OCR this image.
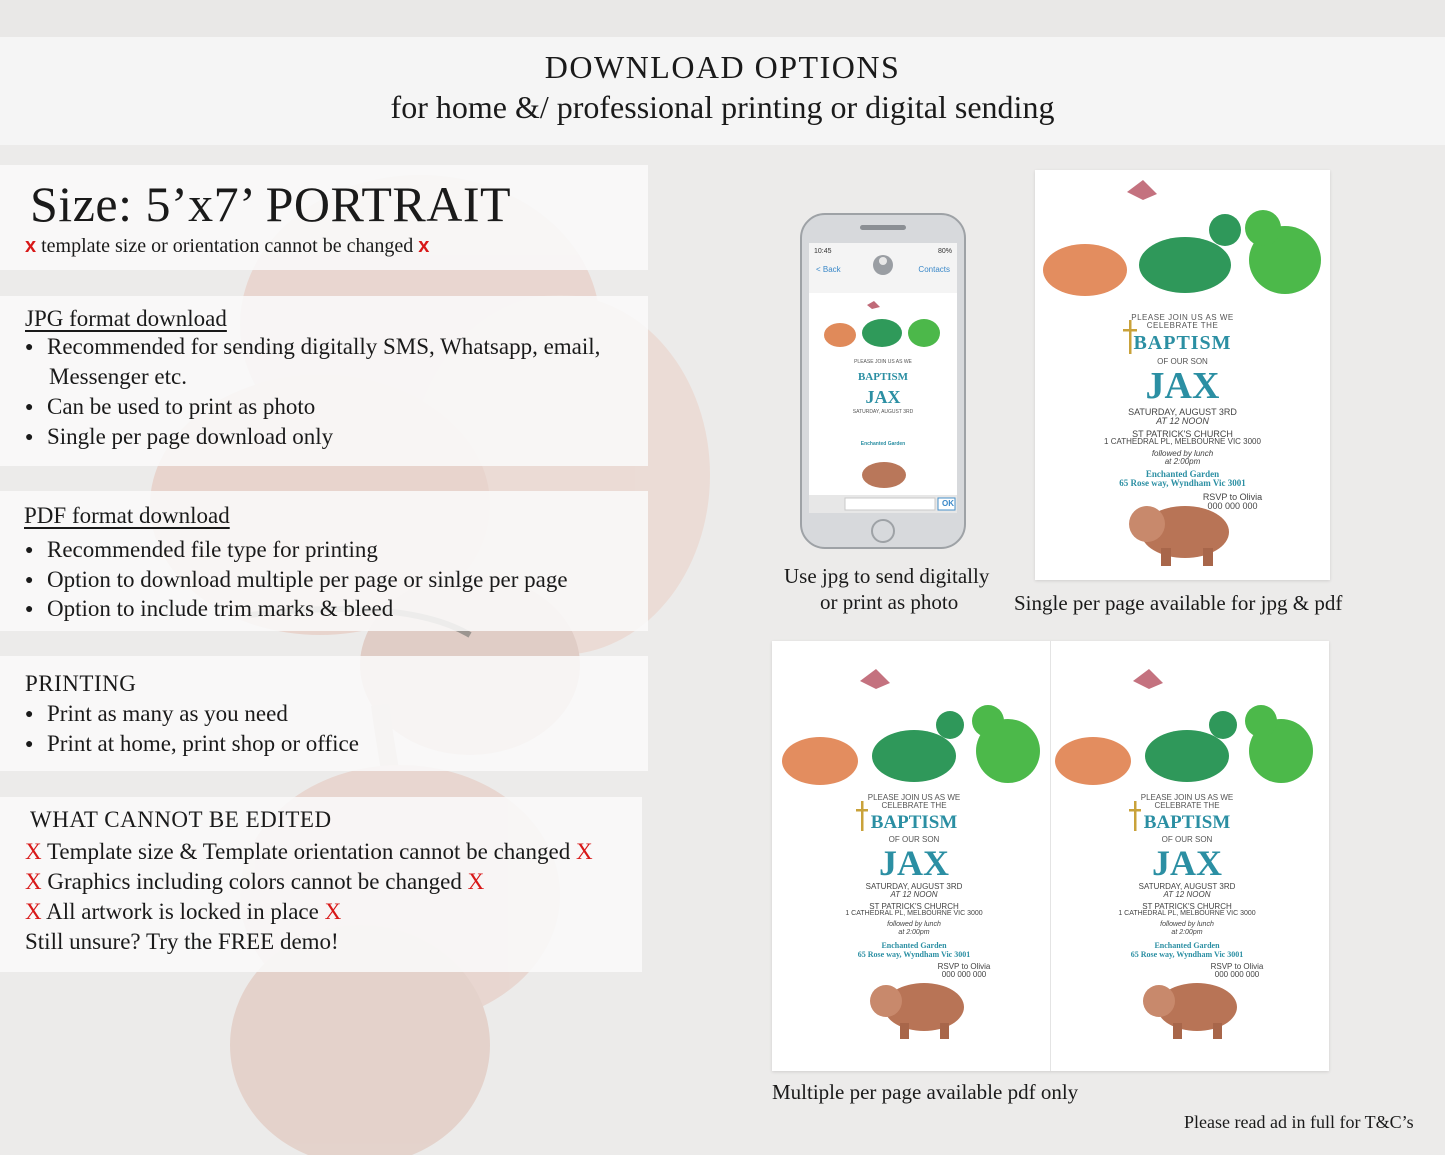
DOWNLOAD OPTIONS
for home &/ professional printing or digital sending
Size: 5’x7’ PORTRAIT
x template size or orientation cannot be changed x
JPG format download
● Recommended for sending digitally SMS, Whatsapp, email,
Messenger etc.
● Can be used to print as photo
● Single per page download only
PDF format download
● Recommended file type for printing
● Option to download multiple per page or sinlge per page
● Option to include trim marks & bleed
PRINTING
● Print as many as you need
● Print at home, print shop or office
WHAT CANNOT BE EDITED
X Template size & Template orientation cannot be changed X
X Graphics including colors cannot be changed X
X All artwork is locked in place X
Still unsure? Try the FREE demo!
10:45	80%
< Back	Contacts
OK
PLEASE JOIN US AS WE
BAPTISM
JAX
SATURDAY, AUGUST 3RD
Enchanted Garden
Use jpg to send digitally
or print as photo
PLEASE JOIN US AS WE
CELEBRATE THE
BAPTISM
OF OUR SON
JAX
SATURDAY, AUGUST 3RD
AT 12 NOON
ST PATRICK'S CHURCH
1 CATHEDRAL PL, MELBOURNE VIC 3000
followed by lunch
at 2:00pm
Enchanted Garden
65 Rose way, Wyndham Vic 3001
RSVP to Olivia
000 000 000
Single per page available for jpg & pdf
PLEASE JOIN US AS WE
CELEBRATE THE
BAPTISM
OF OUR SON
JAX
SATURDAY, AUGUST 3RD
AT 12 NOON
ST PATRICK'S CHURCH
1 CATHEDRAL PL, MELBOURNE VIC 3000
followed by lunch
at 2:00pm
Enchanted Garden
65 Rose way, Wyndham Vic 3001
RSVP to Olivia
000 000 000
PLEASE JOIN US AS WE
CELEBRATE THE
BAPTISM
OF OUR SON
JAX
SATURDAY, AUGUST 3RD
AT 12 NOON
ST PATRICK'S CHURCH
1 CATHEDRAL PL, MELBOURNE VIC 3000
followed by lunch
at 2:00pm
Enchanted Garden
65 Rose way, Wyndham Vic 3001
RSVP to Olivia
000 000 000
Multiple per page available pdf only
Please read ad in full for T&C’s
